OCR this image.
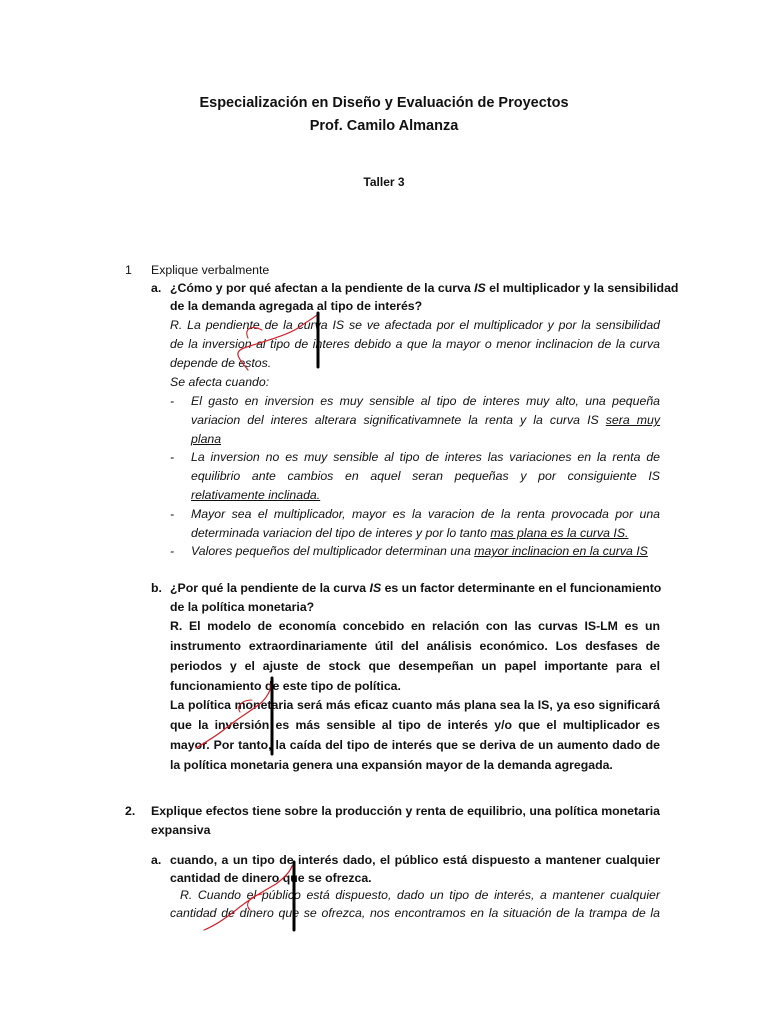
Especialización en Diseño y Evaluación de Proyectos
Prof. Camilo Almanza
Taller 3
1 Explique verbalmente
a. ¿Cómo y por qué afectan a la pendiente de la curva IS el multiplicador y la sensibilidad
de la demanda agregada al tipo de interés?
R. La pendiente de la curva IS se ve afectada por el multiplicador y por la sensibilidad
de la inversion al tipo de interes debido a que la mayor o menor inclinacion de la curva
depende de estos.
Se afecta cuando:
- El gasto en inversion es muy sensible al tipo de interes muy alto, una pequeña
variacion del interes alterara significativamnete la renta y la curva IS sera muy
plana
- La inversion no es muy sensible al tipo de interes las variaciones en la renta de
equilibrio ante cambios en aquel seran pequeñas y por consiguiente IS
relativamente inclinada.
- Mayor sea el multiplicador, mayor es la varacion de la renta provocada por una
determinada variacion del tipo de interes y por lo tanto mas plana es la curva IS.
- Valores pequeños del multiplicador determinan una mayor inclinacion en la curva IS
b. ¿Por qué la pendiente de la curva IS es un factor determinante en el funcionamiento
de la política monetaria?
R. El modelo de economía concebido en relación con las curvas IS-LM es un
instrumento extraordinariamente útil del análisis económico. Los desfases de
periodos y el ajuste de stock que desempeñan un papel importante para el
funcionamiento de este tipo de política.
La política monetaria será más eficaz cuanto más plana sea la IS, ya eso significará
que la inversión es más sensible al tipo de interés y/o que el multiplicador es
mayor. Por tanto, la caída del tipo de interés que se deriva de un aumento dado de
la política monetaria genera una expansión mayor de la demanda agregada.
2. Explique efectos tiene sobre la producción y renta de equilibrio, una política monetaria
expansiva
a. cuando, a un tipo de interés dado, el público está dispuesto a mantener cualquier
cantidad de dinero que se ofrezca.
R. Cuando el público está dispuesto, dado un tipo de interés, a mantener cualquier
cantidad de dinero que se ofrezca, nos encontramos en la situación de la trampa de la
